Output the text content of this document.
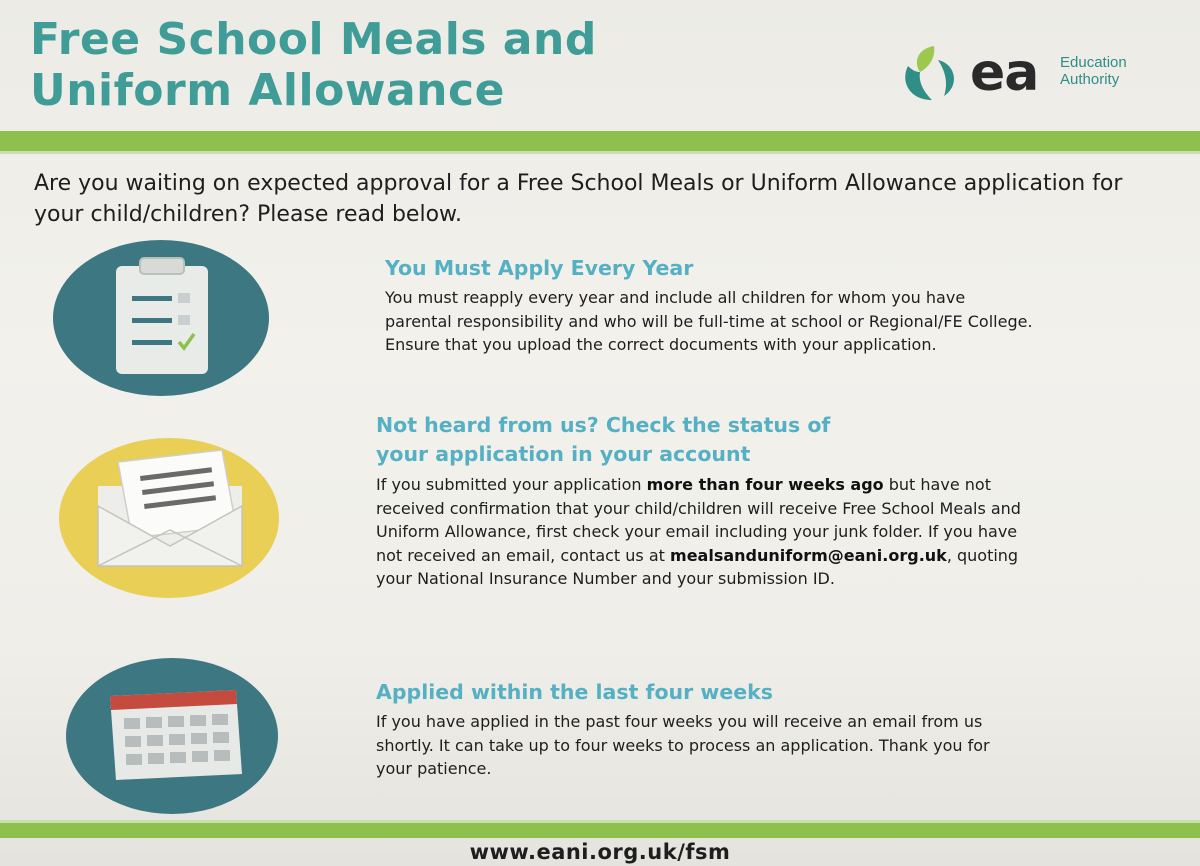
Free School Meals and
Uniform Allowance	ea Education
Authority

Are you waiting on expected approval for a Free School Meals or Uniform Allowance application for your child/children? Please read below.

You Must Apply Every Year

You must reapply every year and include all children for whom you have parental responsibility and who will be full-time at school or Regional/FE College. Ensure that you upload the correct documents with your application.

Not heard from us? Check the status of
your application in your account

If you submitted your application more than four weeks ago but have not received confirmation that your child/children will receive Free School Meals and Uniform Allowance, first check your email including your junk folder. If you have not received an email, contact us at mealsanduniform@eani.org.uk, quoting your National Insurance Number and your submission ID.

Applied within the last four weeks

If you have applied in the past four weeks you will receive an email from us shortly. It can take up to four weeks to process an application. Thank you for your patience.

www.eani.org.uk/fsm
